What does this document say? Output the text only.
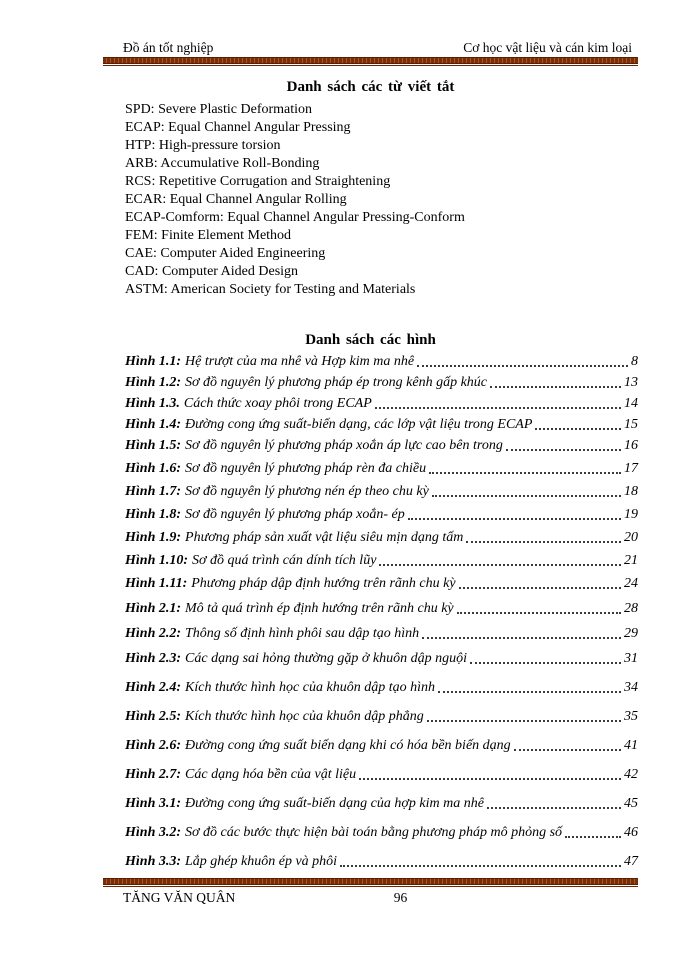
Đồ án tốt nghiệp	Cơ học vật liệu và cán kim loại
Danh sách các từ viết tắt
SPD: Severe Plastic Deformation
ECAP: Equal Channel Angular Pressing
HTP: High-pressure torsion
ARB: Accumulative Roll-Bonding
RCS: Repetitive Corrugation and Straightening
ECAR: Equal Channel Angular Rolling
ECAP-Comform: Equal Channel Angular Pressing-Conform
FEM: Finite Element Method
CAE: Computer Aided Engineering
CAD: Computer Aided Design
ASTM: American Society for Testing and Materials
Danh sách các hình
Hình 1.1: Hệ trượt của ma nhê và Hợp kim ma nhê	8
Hình 1.2: Sơ đồ nguyên lý phương pháp ép trong kênh gấp khúc	13
Hình 1.3. Cách thức xoay phôi trong ECAP	14
Hình 1.4: Đường cong ứng suất-biến dạng, các lớp vật liệu trong ECAP	15
Hình 1.5: Sơ đồ nguyên lý phương pháp xoắn áp lực cao bên trong	16
Hình 1.6: Sơ đồ nguyên lý phương pháp rèn đa chiều	17
Hình 1.7: Sơ đồ nguyên lý phương nén ép theo chu kỳ	18
Hình 1.8: Sơ đồ nguyên lý phương pháp xoắn- ép	19
Hình 1.9: Phương pháp sản xuất vật liệu siêu mịn dạng tấm	20
Hình 1.10: Sơ đồ quá trình cán dính tích lũy	21
Hình 1.11: Phương pháp dập định hướng trên rãnh chu kỳ	24
Hình 2.1: Mô tả quá trình ép định hướng trên rãnh chu kỳ	28
Hình 2.2: Thông số định hình phôi sau dập tạo hình	29
Hình 2.3: Các dạng sai hỏng thường gặp ở khuôn dập nguội	31
Hình 2.4: Kích thước hình học của khuôn dập tạo hình	34
Hình 2.5: Kích thước hình học của khuôn dập phẳng	35
Hình 2.6: Đường cong ứng suất biến dạng khi có hóa bền biến dạng	41
Hình 2.7: Các dạng hóa bền của vật liệu	42
Hình 3.1: Đường cong ứng suất-biến dạng của hợp kim ma nhê	45
Hình 3.2: Sơ đồ các bước thực hiện bài toán bằng phương pháp mô phỏng số	46
Hình 3.3: Lắp ghép khuôn ép và phôi	47
TĂNG VĂN QUÂN	96
